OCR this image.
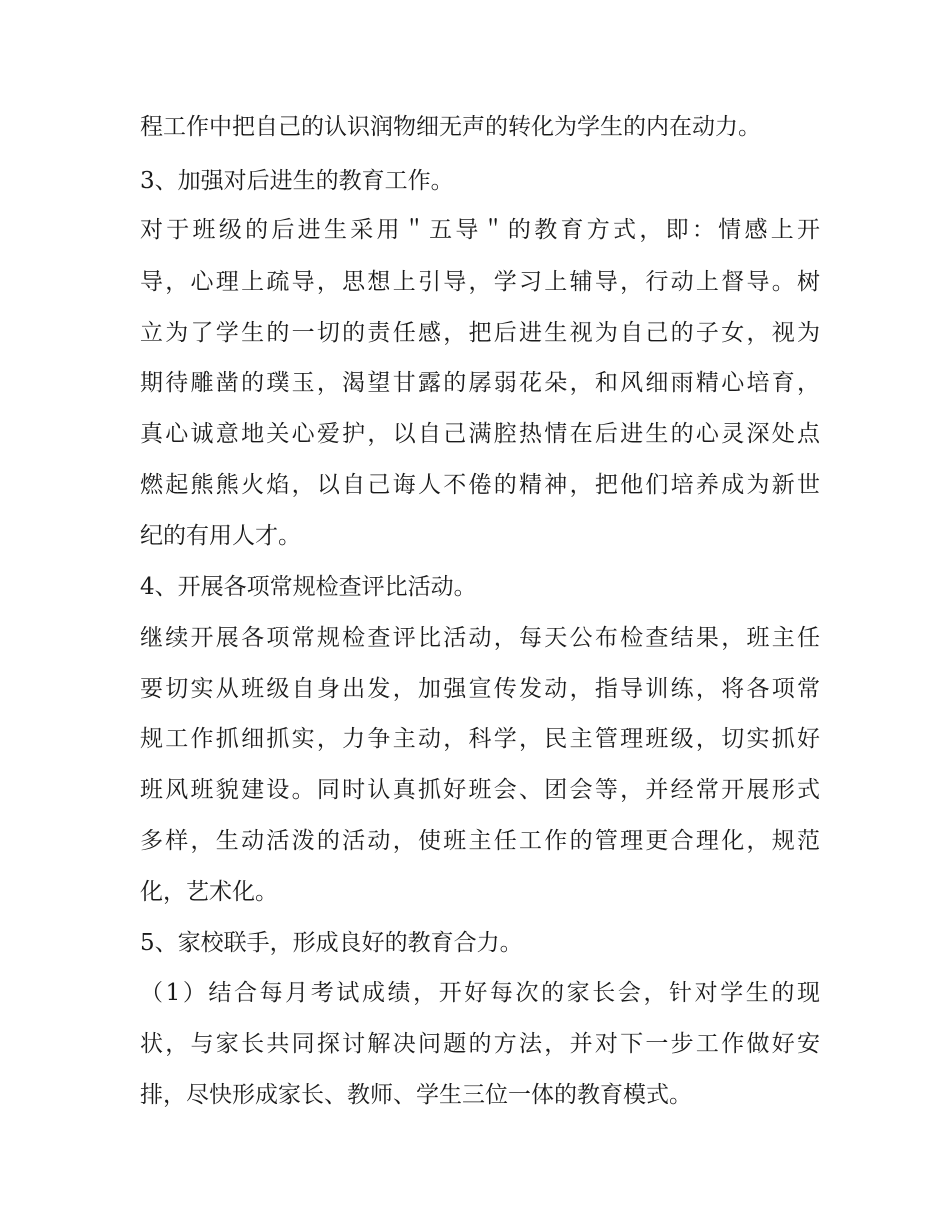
程工作中把自己的认识润物细无声的转化为学生的内在动力。
3、加强对后进生的教育工作。
对于班级的后进生采用＂五导＂的教育方式，即：情感上开
导，心理上疏导，思想上引导，学习上辅导，行动上督导。树
立为了学生的一切的责任感，把后进生视为自己的子女，视为
期待雕凿的璞玉，渴望甘露的孱弱花朵，和风细雨精心培育，
真心诚意地关心爱护，以自己满腔热情在后进生的心灵深处点
燃起熊熊火焰，以自己诲人不倦的精神，把他们培养成为新世
纪的有用人才。
4、开展各项常规检查评比活动。
继续开展各项常规检查评比活动，每天公布检查结果，班主任
要切实从班级自身出发，加强宣传发动，指导训练，将各项常
规工作抓细抓实，力争主动，科学，民主管理班级，切实抓好
班风班貌建设。同时认真抓好班会、团会等，并经常开展形式
多样，生动活泼的活动，使班主任工作的管理更合理化，规范
化，艺术化。
5、家校联手，形成良好的教育合力。
（1）结合每月考试成绩，开好每次的家长会，针对学生的现
状，与家长共同探讨解决问题的方法，并对下一步工作做好安
排，尽快形成家长、教师、学生三位一体的教育模式。
